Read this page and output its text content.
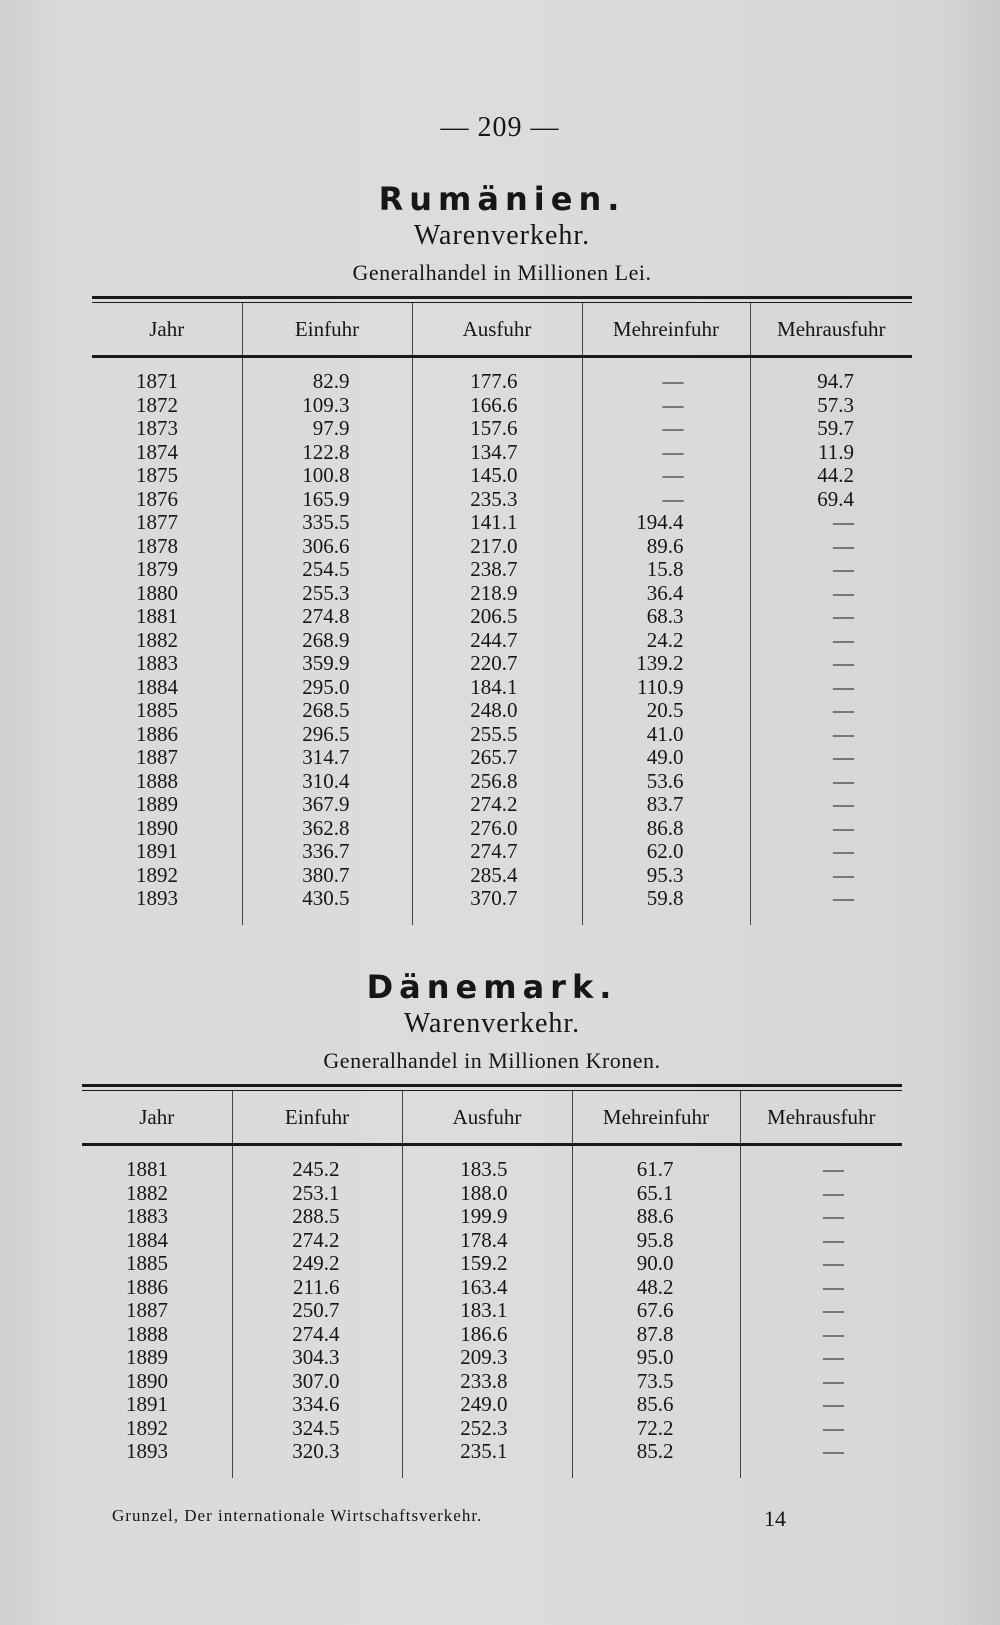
— 209 —
Rumänien.
Warenverkehr.
Generalhandel in Millionen Lei.
Jahr	Einfuhr	Ausfuhr	Mehreinfuhr	Mehrausfuhr
1871	82.9	177.6	—	94.7
1872	109.3	166.6	—	57.3
1873	97.9	157.6	—	59.7
1874	122.8	134.7	—	11.9
1875	100.8	145.0	—	44.2
1876	165.9	235.3	—	69.4
1877	335.5	141.1	194.4	—
1878	306.6	217.0	89.6	—
1879	254.5	238.7	15.8	—
1880	255.3	218.9	36.4	—
1881	274.8	206.5	68.3	—
1882	268.9	244.7	24.2	—
1883	359.9	220.7	139.2	—
1884	295.0	184.1	110.9	—
1885	268.5	248.0	20.5	—
1886	296.5	255.5	41.0	—
1887	314.7	265.7	49.0	—
1888	310.4	256.8	53.6	—
1889	367.9	274.2	83.7	—
1890	362.8	276.0	86.8	—
1891	336.7	274.7	62.0	—
1892	380.7	285.4	95.3	—
1893	430.5	370.7	59.8	—
Dänemark.
Warenverkehr.
Generalhandel in Millionen Kronen.
Jahr	Einfuhr	Ausfuhr	Mehreinfuhr	Mehrausfuhr
1881	245.2	183.5	61.7	—
1882	253.1	188.0	65.1	—
1883	288.5	199.9	88.6	—
1884	274.2	178.4	95.8	—
1885	249.2	159.2	90.0	—
1886	211.6	163.4	48.2	—
1887	250.7	183.1	67.6	—
1888	274.4	186.6	87.8	—
1889	304.3	209.3	95.0	—
1890	307.0	233.8	73.5	—
1891	334.6	249.0	85.6	—
1892	324.5	252.3	72.2	—
1893	320.3	235.1	85.2	—
Grunzel, Der internationale Wirtschaftsverkehr.	14
